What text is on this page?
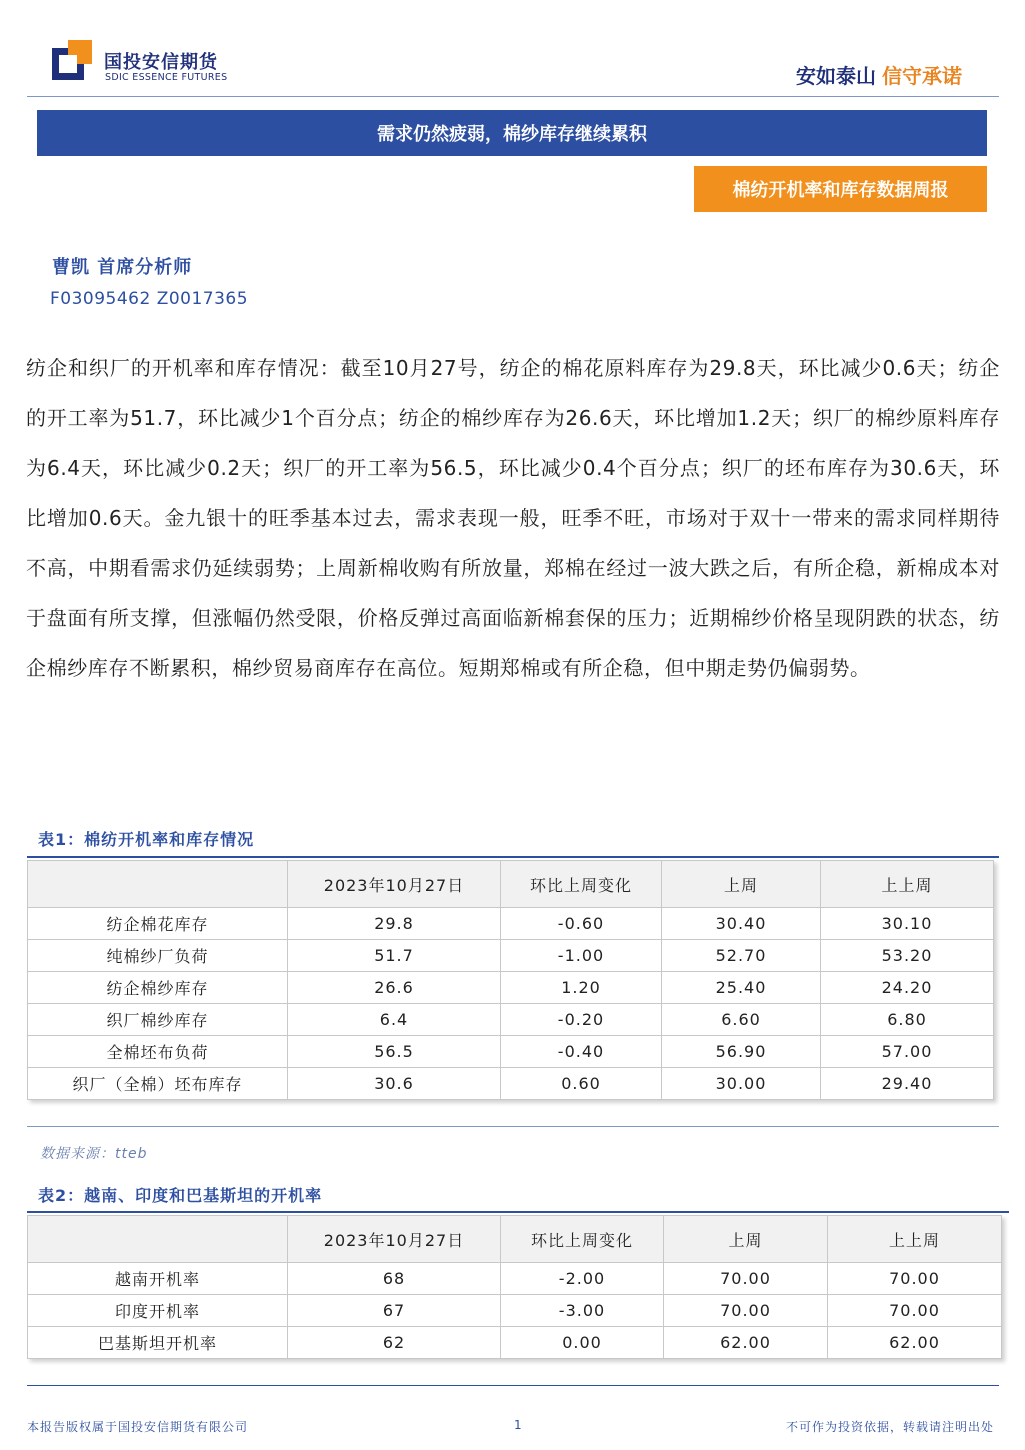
国投安信期货
SDIC ESSENCE FUTURES	安如泰山 信守承诺
需求仍然疲弱，棉纱库存继续累积
棉纺开机率和库存数据周报
曹凯 首席分析师
F03095462 Z0017365
纺企和织厂的开机率和库存情况：截至10月27号，纺企的棉花原料库存为29.8天，环比减少0.6天；纺企的开工率为51.7，环比减少1个百分点；纺企的棉纱库存为26.6天，环比增加1.2天；织厂的棉纱原料库存为6.4天，环比减少0.2天；织厂的开工率为56.5，环比减少0.4个百分点；织厂的坯布库存为30.6天，环比增加0.6天。金九银十的旺季基本过去，需求表现一般，旺季不旺，市场对于双十一带来的需求同样期待不高，中期看需求仍延续弱势；上周新棉收购有所放量，郑棉在经过一波大跌之后，有所企稳，新棉成本对于盘面有所支撑，但涨幅仍然受限，价格反弹过高面临新棉套保的压力；近期棉纱价格呈现阴跌的状态，纺企棉纱库存不断累积，棉纱贸易商库存在高位。短期郑棉或有所企稳，但中期走势仍偏弱势。
表1：棉纺开机率和库存情况
	2023年10月27日	环比上周变化	上周	上上周
纺企棉花库存	29.8	-0.60	30.40	30.10
纯棉纱厂负荷	51.7	-1.00	52.70	53.20
纺企棉纱库存	26.6	1.20	25.40	24.20
织厂棉纱库存	6.4	-0.20	6.60	6.80
全棉坯布负荷	56.5	-0.40	56.90	57.00
织厂（全棉）坯布库存	30.6	0.60	30.00	29.40
数据来源：tteb
表2：越南、印度和巴基斯坦的开机率
	2023年10月27日	环比上周变化	上周	上上周
越南开机率	68	-2.00	70.00	70.00
印度开机率	67	-3.00	70.00	70.00
巴基斯坦开机率	62	0.00	62.00	62.00
本报告版权属于国投安信期货有限公司	1	不可作为投资依据，转载请注明出处
